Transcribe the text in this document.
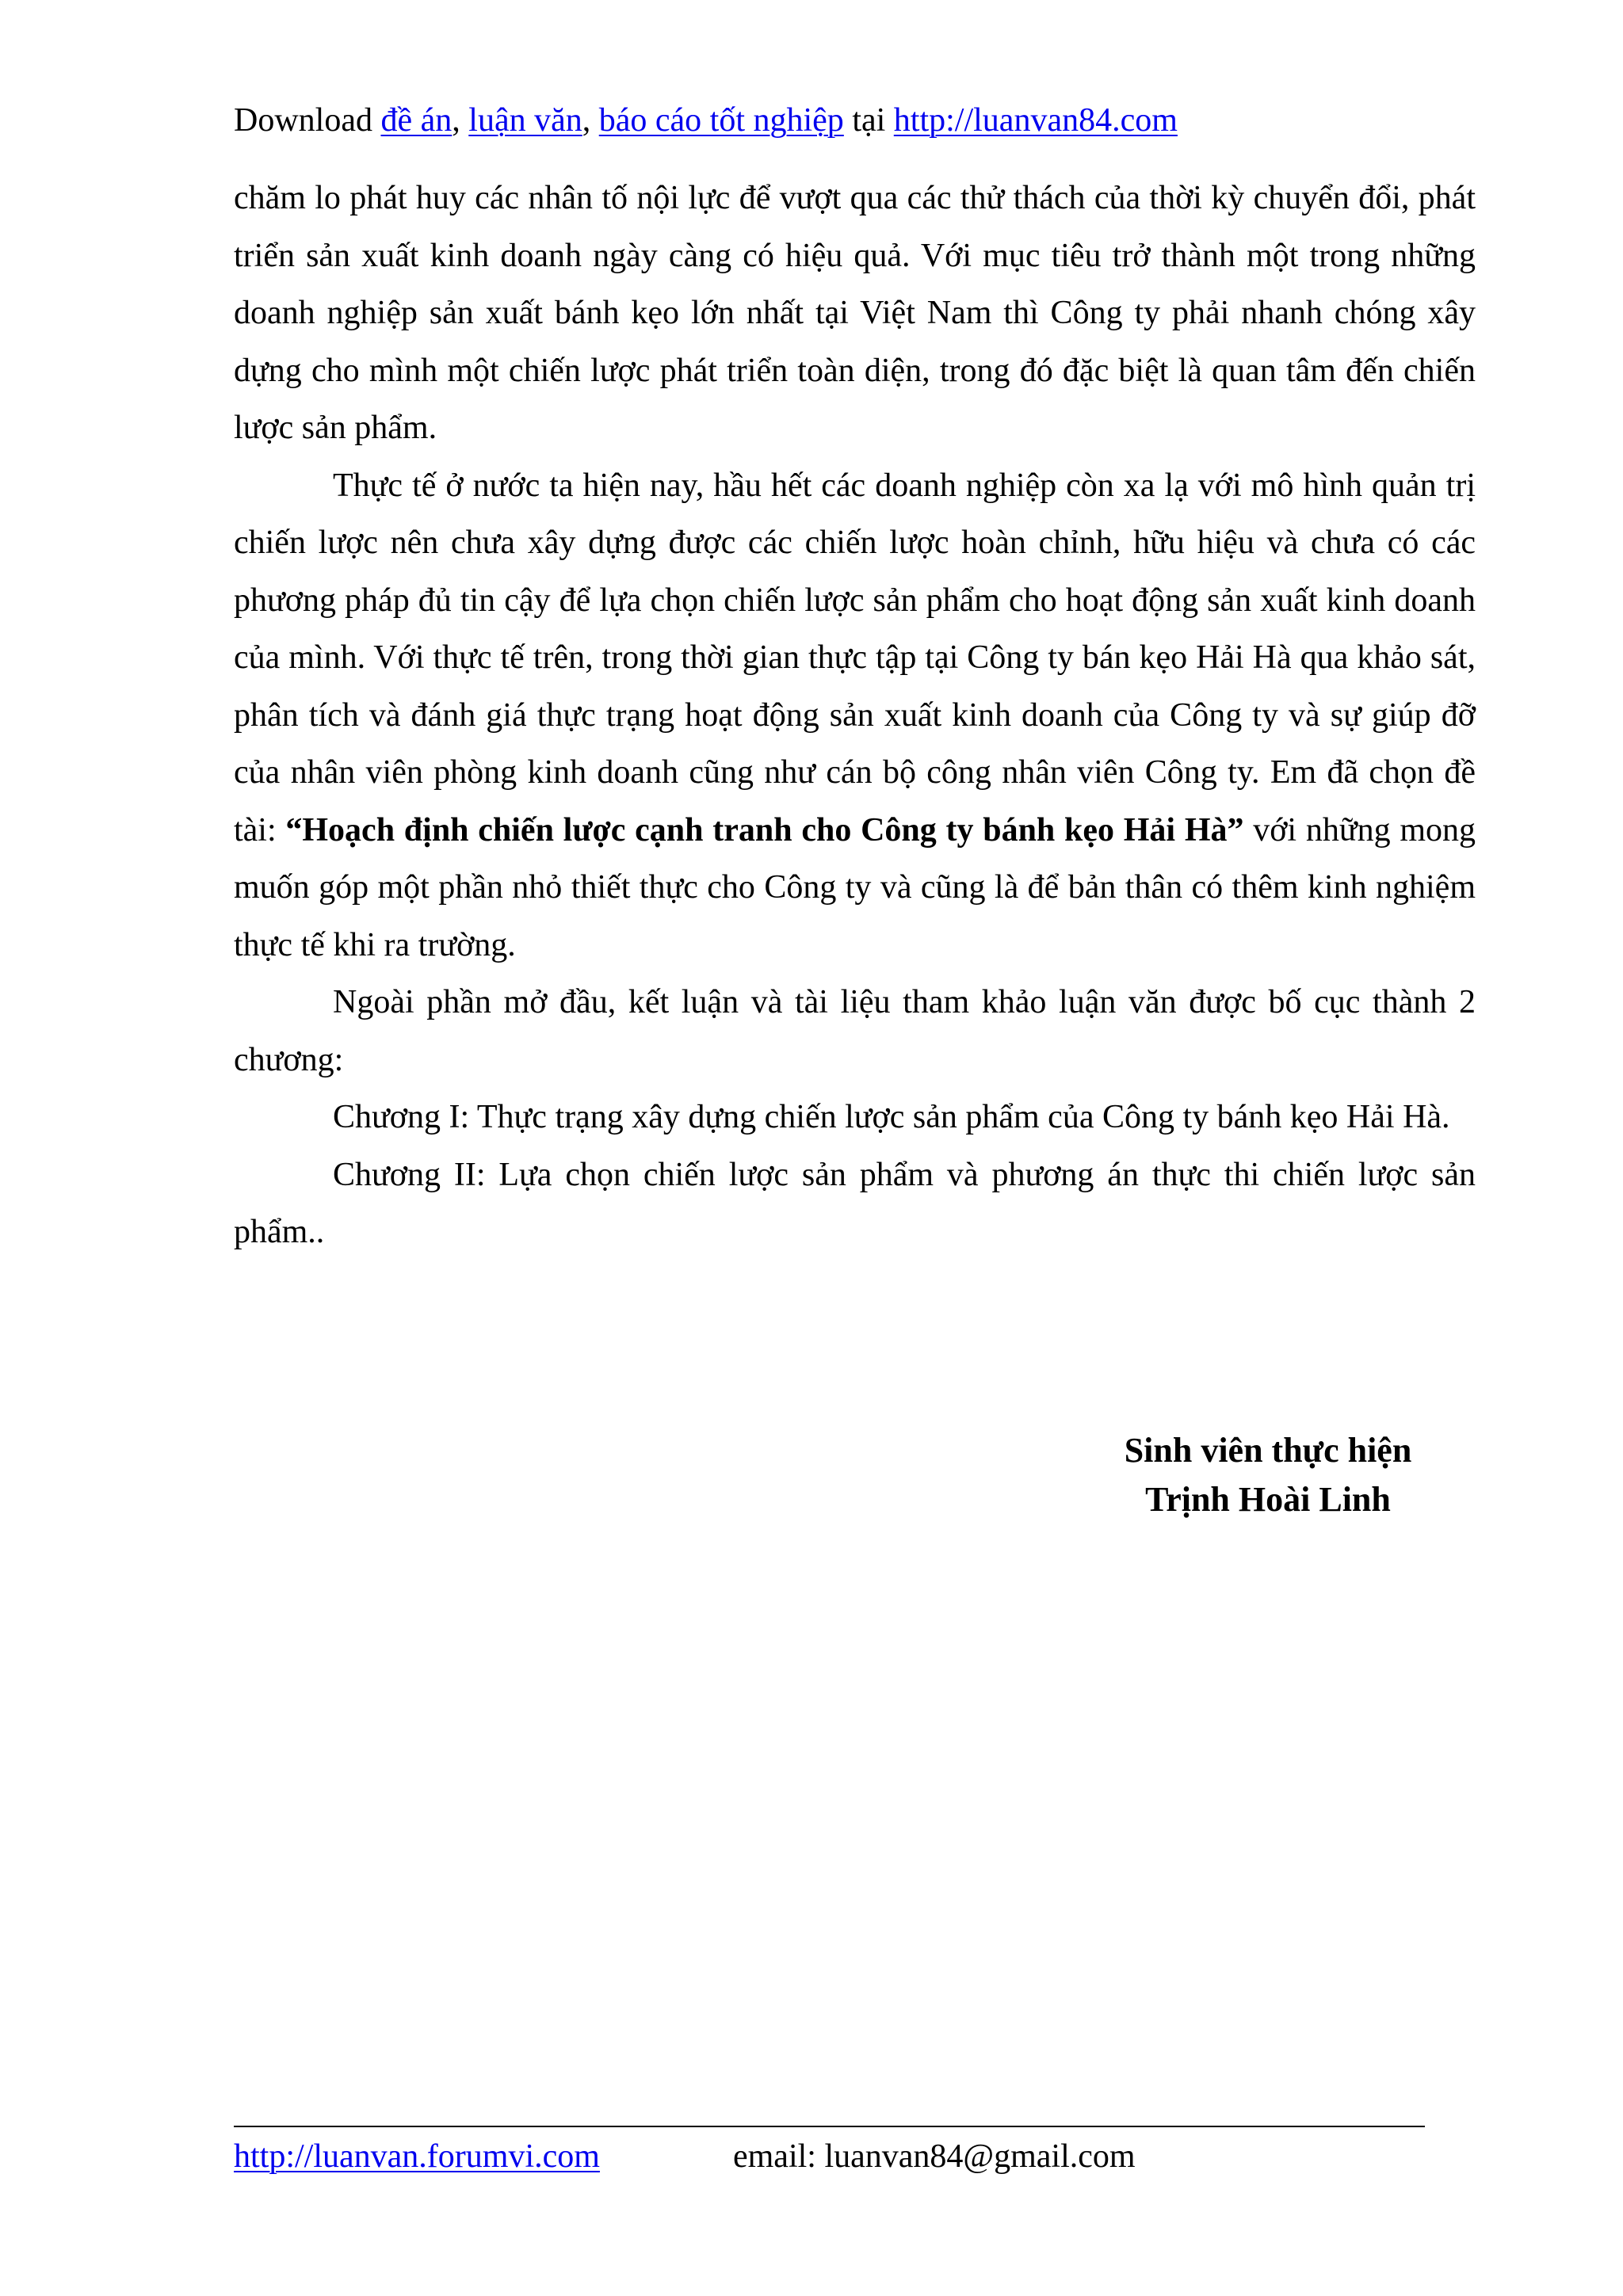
Download đề án, luận văn, báo cáo tốt nghiệp tại http://luanvan84.com

chăm lo phát huy các nhân tố nội lực để vượt qua các thử thách của thời kỳ chuyển đổi, phát triển sản xuất kinh doanh ngày càng có hiệu quả. Với mục tiêu trở thành một trong những doanh nghiệp sản xuất bánh kẹo lớn nhất tại Việt Nam thì Công ty phải nhanh chóng xây dựng cho mình một chiến lược phát triển toàn diện, trong đó đặc biệt là quan tâm đến chiến lược sản phẩm.

Thực tế ở nước ta hiện nay, hầu hết các doanh nghiệp còn xa lạ với mô hình quản trị chiến lược nên chưa xây dựng được các chiến lược hoàn chỉnh, hữu hiệu và chưa có các phương pháp đủ tin cậy để lựa chọn chiến lược sản phẩm cho hoạt động sản xuất kinh doanh của mình. Với thực tế trên, trong thời gian thực tập tại Công ty bán kẹo Hải Hà qua khảo sát, phân tích và đánh giá thực trạng hoạt động sản xuất kinh doanh của Công ty và sự giúp đỡ của nhân viên phòng kinh doanh cũng như cán bộ công nhân viên Công ty. Em đã chọn đề tài: “Hoạch định chiến lược cạnh tranh cho Công ty bánh kẹo Hải Hà” với những mong muốn góp một phần nhỏ thiết thực cho Công ty và cũng là để bản thân có thêm kinh nghiệm thực tế khi ra trường.

Ngoài phần mở đầu, kết luận và tài liệu tham khảo luận văn được bố cục thành 2 chương:

Chương I: Thực trạng xây dựng chiến lược sản phẩm của Công ty bánh kẹo Hải Hà.

Chương II: Lựa chọn chiến lược sản phẩm và phương án thực thi chiến lược sản phẩm..

Sinh viên thực hiện
Trịnh Hoài Linh
http://luanvan.forumvi.com	email: luanvan84@gmail.com
